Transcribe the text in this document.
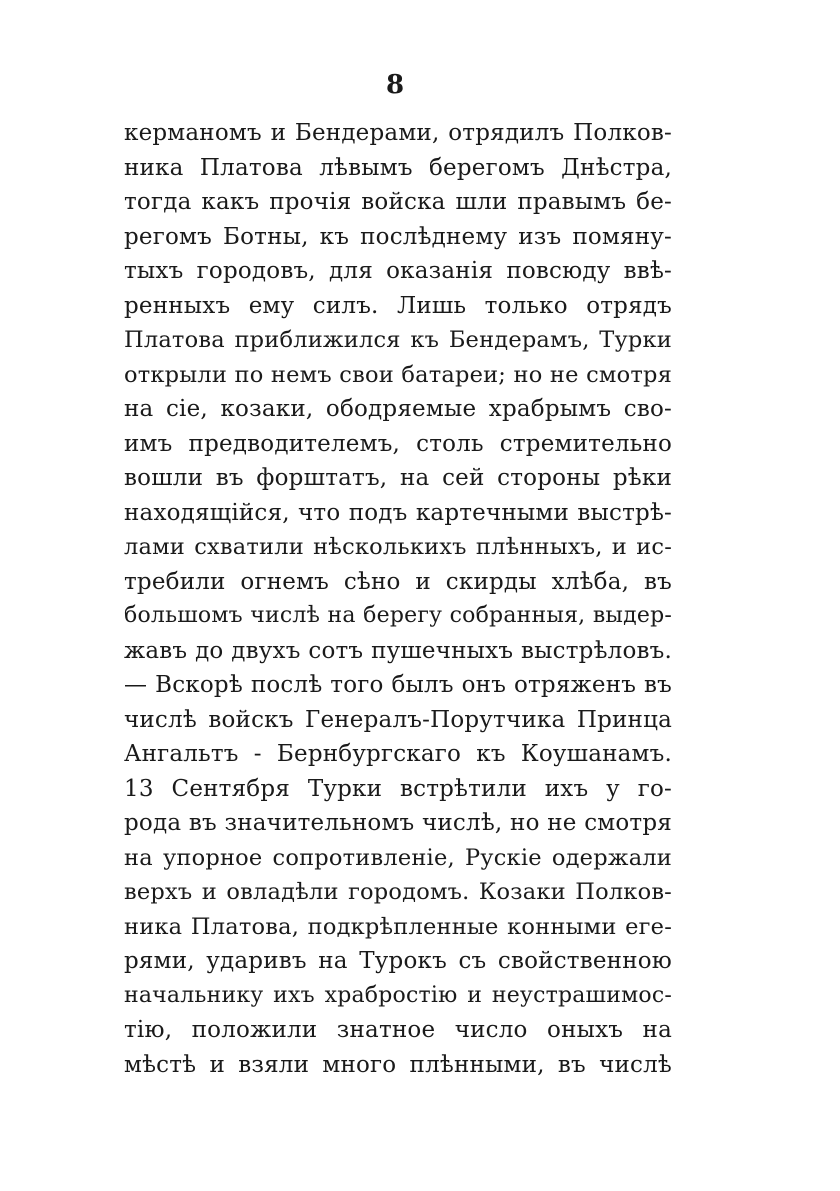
8
керманомъ и Бендерами, отрядилъ Полков-
ника Платова лѣвымъ берегомъ Днѣстра,
тогда какъ прочія войска шли правымъ бе-
регомъ Ботны, къ послѣднему изъ помяну-
тыхъ городовъ, для оказанія повсюду ввѣ-
ренныхъ ему силъ. Лишь только отрядъ
Платова приближился къ Бендерамъ, Турки
открыли по немъ свои батареи; но не смотря
на сіе, козаки, ободряемые храбрымъ сво-
имъ предводителемъ, столь стремительно
вошли въ форштатъ, на сей стороны рѣки
находящійся, что подъ картечными выстрѣ-
лами схватили нѣсколькихъ плѣнныхъ, и ис-
требили огнемъ сѣно и скирды хлѣба, въ
большомъ числѣ на берегу собранныя, выдер-
жавъ до двухъ сотъ пушечныхъ выстрѣловъ.
— Вскорѣ послѣ того былъ онъ отряженъ въ
числѣ войскъ Генералъ-Порутчика Принца
Ангальтъ - Бернбургскаго къ Коушанамъ.
13 Сентября Турки встрѣтили ихъ у го-
рода въ значительномъ числѣ, но не смотря
на упорное сопротивленіе, Рускіе одержали
верхъ и овладѣли городомъ. Козаки Полков-
ника Платова, подкрѣпленные конными еге-
рями, ударивъ на Турокъ съ свойственною
начальнику ихъ храбростію и неустрашимос-
тію, положили знатное число оныхъ на
мѣстѣ и взяли много плѣнными, въ числѣ
